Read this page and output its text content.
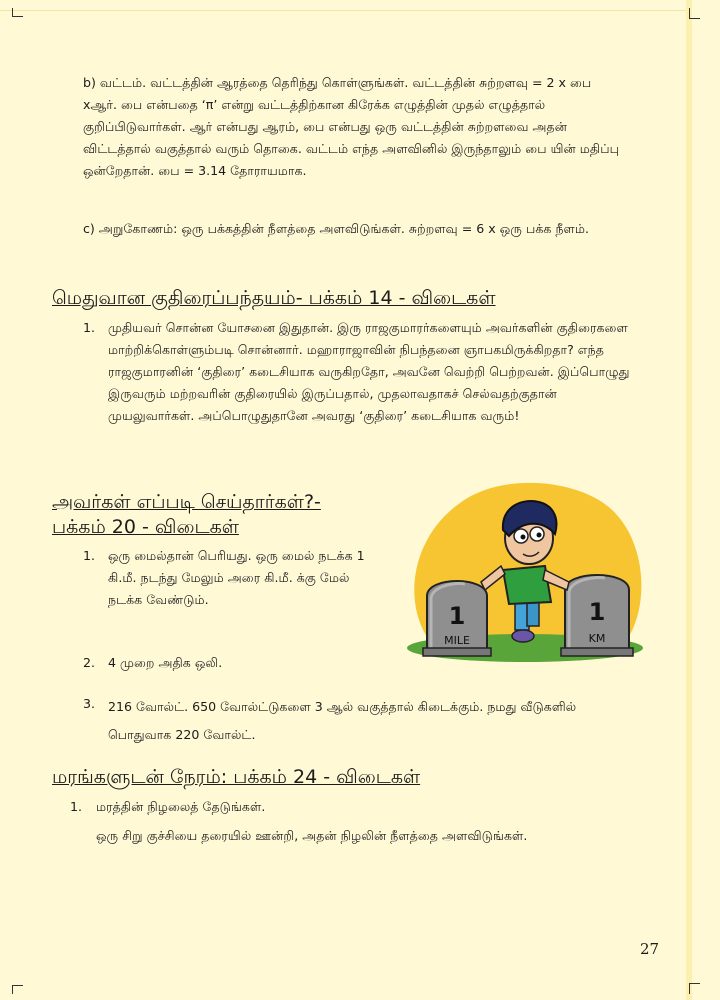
b) வட்டம். வட்டத்தின் ஆரத்தை தெரிந்து கொள்ளுங்கள். வட்டத்தின் சுற்றளவு = 2 x பை xஆர். பை என்பதை ‘π’ என்று வட்டத்திற்கான கிரேக்க எழுத்தின் முதல் எழுத்தால் குறிப்பிடுவார்கள். ஆர் என்பது ஆரம், பை என்பது ஒரு வட்டத்தின் சுற்றளவை அதன் விட்டத்தால் வகுத்தால் வரும் தொகை. வட்டம் எந்த அளவினில் இருந்தாலும் பை யின் மதிப்பு ஒன்றேதான். பை = 3.14 தோராயமாக.

c) அறுகோணம்: ஒரு பக்கத்தின் நீளத்தை அளவிடுங்கள். சுற்றளவு = 6 x ஒரு பக்க நீளம்.

மெதுவான குதிரைப்பந்தயம்- பக்கம் 14 - விடைகள்
1. முதியவர் சொன்ன யோசனை இதுதான். இரு ராஜகுமாரர்களையும் அவர்களின் குதிரைகளை மாற்றிக்கொள்ளும்படி சொன்னார். மஹாராஜாவின் நிபந்தனை ஞாபகமிருக்கிறதா? எந்த ராஜகுமாரனின் ‘குதிரை’ கடைசியாக வருகிறதோ, அவனே வெற்றி பெற்றவன். இப்பொழுது இருவரும் மற்றவரின் குதிரையில் இருப்பதால், முதலாவதாகச் செல்வதற்குதான் முயலுவார்கள். அப்பொழுதுதானே அவரது ‘குதிரை’ கடைசியாக வரும்!

அவர்கள் எப்படி செய்தார்கள்?-
பக்கம் 20 - விடைகள்
1. ஒரு மைல்தான் பெரியது. ஒரு மைல் நடக்க 1 கி.மீ. நடந்து மேலும் அரை கி.மீ. க்கு மேல் நடக்க வேண்டும்.

2. 4 முறை அதிக ஒலி.

3. 216 வோல்ட். 650 வோல்ட்டுகளை 3 ஆல் வகுத்தால் கிடைக்கும். நமது வீடுகளில் பொதுவாக 220 வோல்ட்.

மரங்களுடன் நேரம்: பக்கம் 24 - விடைகள்
1. மரத்தின் நிழலைத் தேடுங்கள்.

ஒரு சிறு குச்சியை தரையில் ஊன்றி, அதன் நிழலின் நீளத்தை அளவிடுங்கள்.

1
MILE
1
KM
27
